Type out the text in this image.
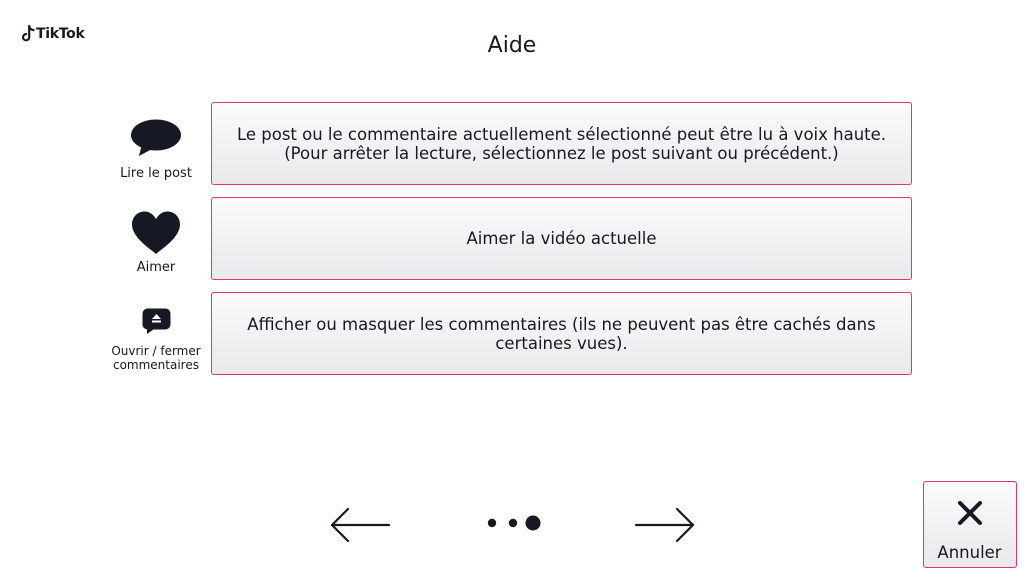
TikTok	Aide
Lire le post
Le post ou le commentaire actuellement sélectionné peut être lu à voix haute.
(Pour arrêter la lecture, sélectionnez le post suivant ou précédent.)
Aimer
Aimer la vidéo actuelle
Ouvrir / fermer
commentaires
Afficher ou masquer les commentaires (ils ne peuvent pas être cachés dans certaines vues).
Annuler
